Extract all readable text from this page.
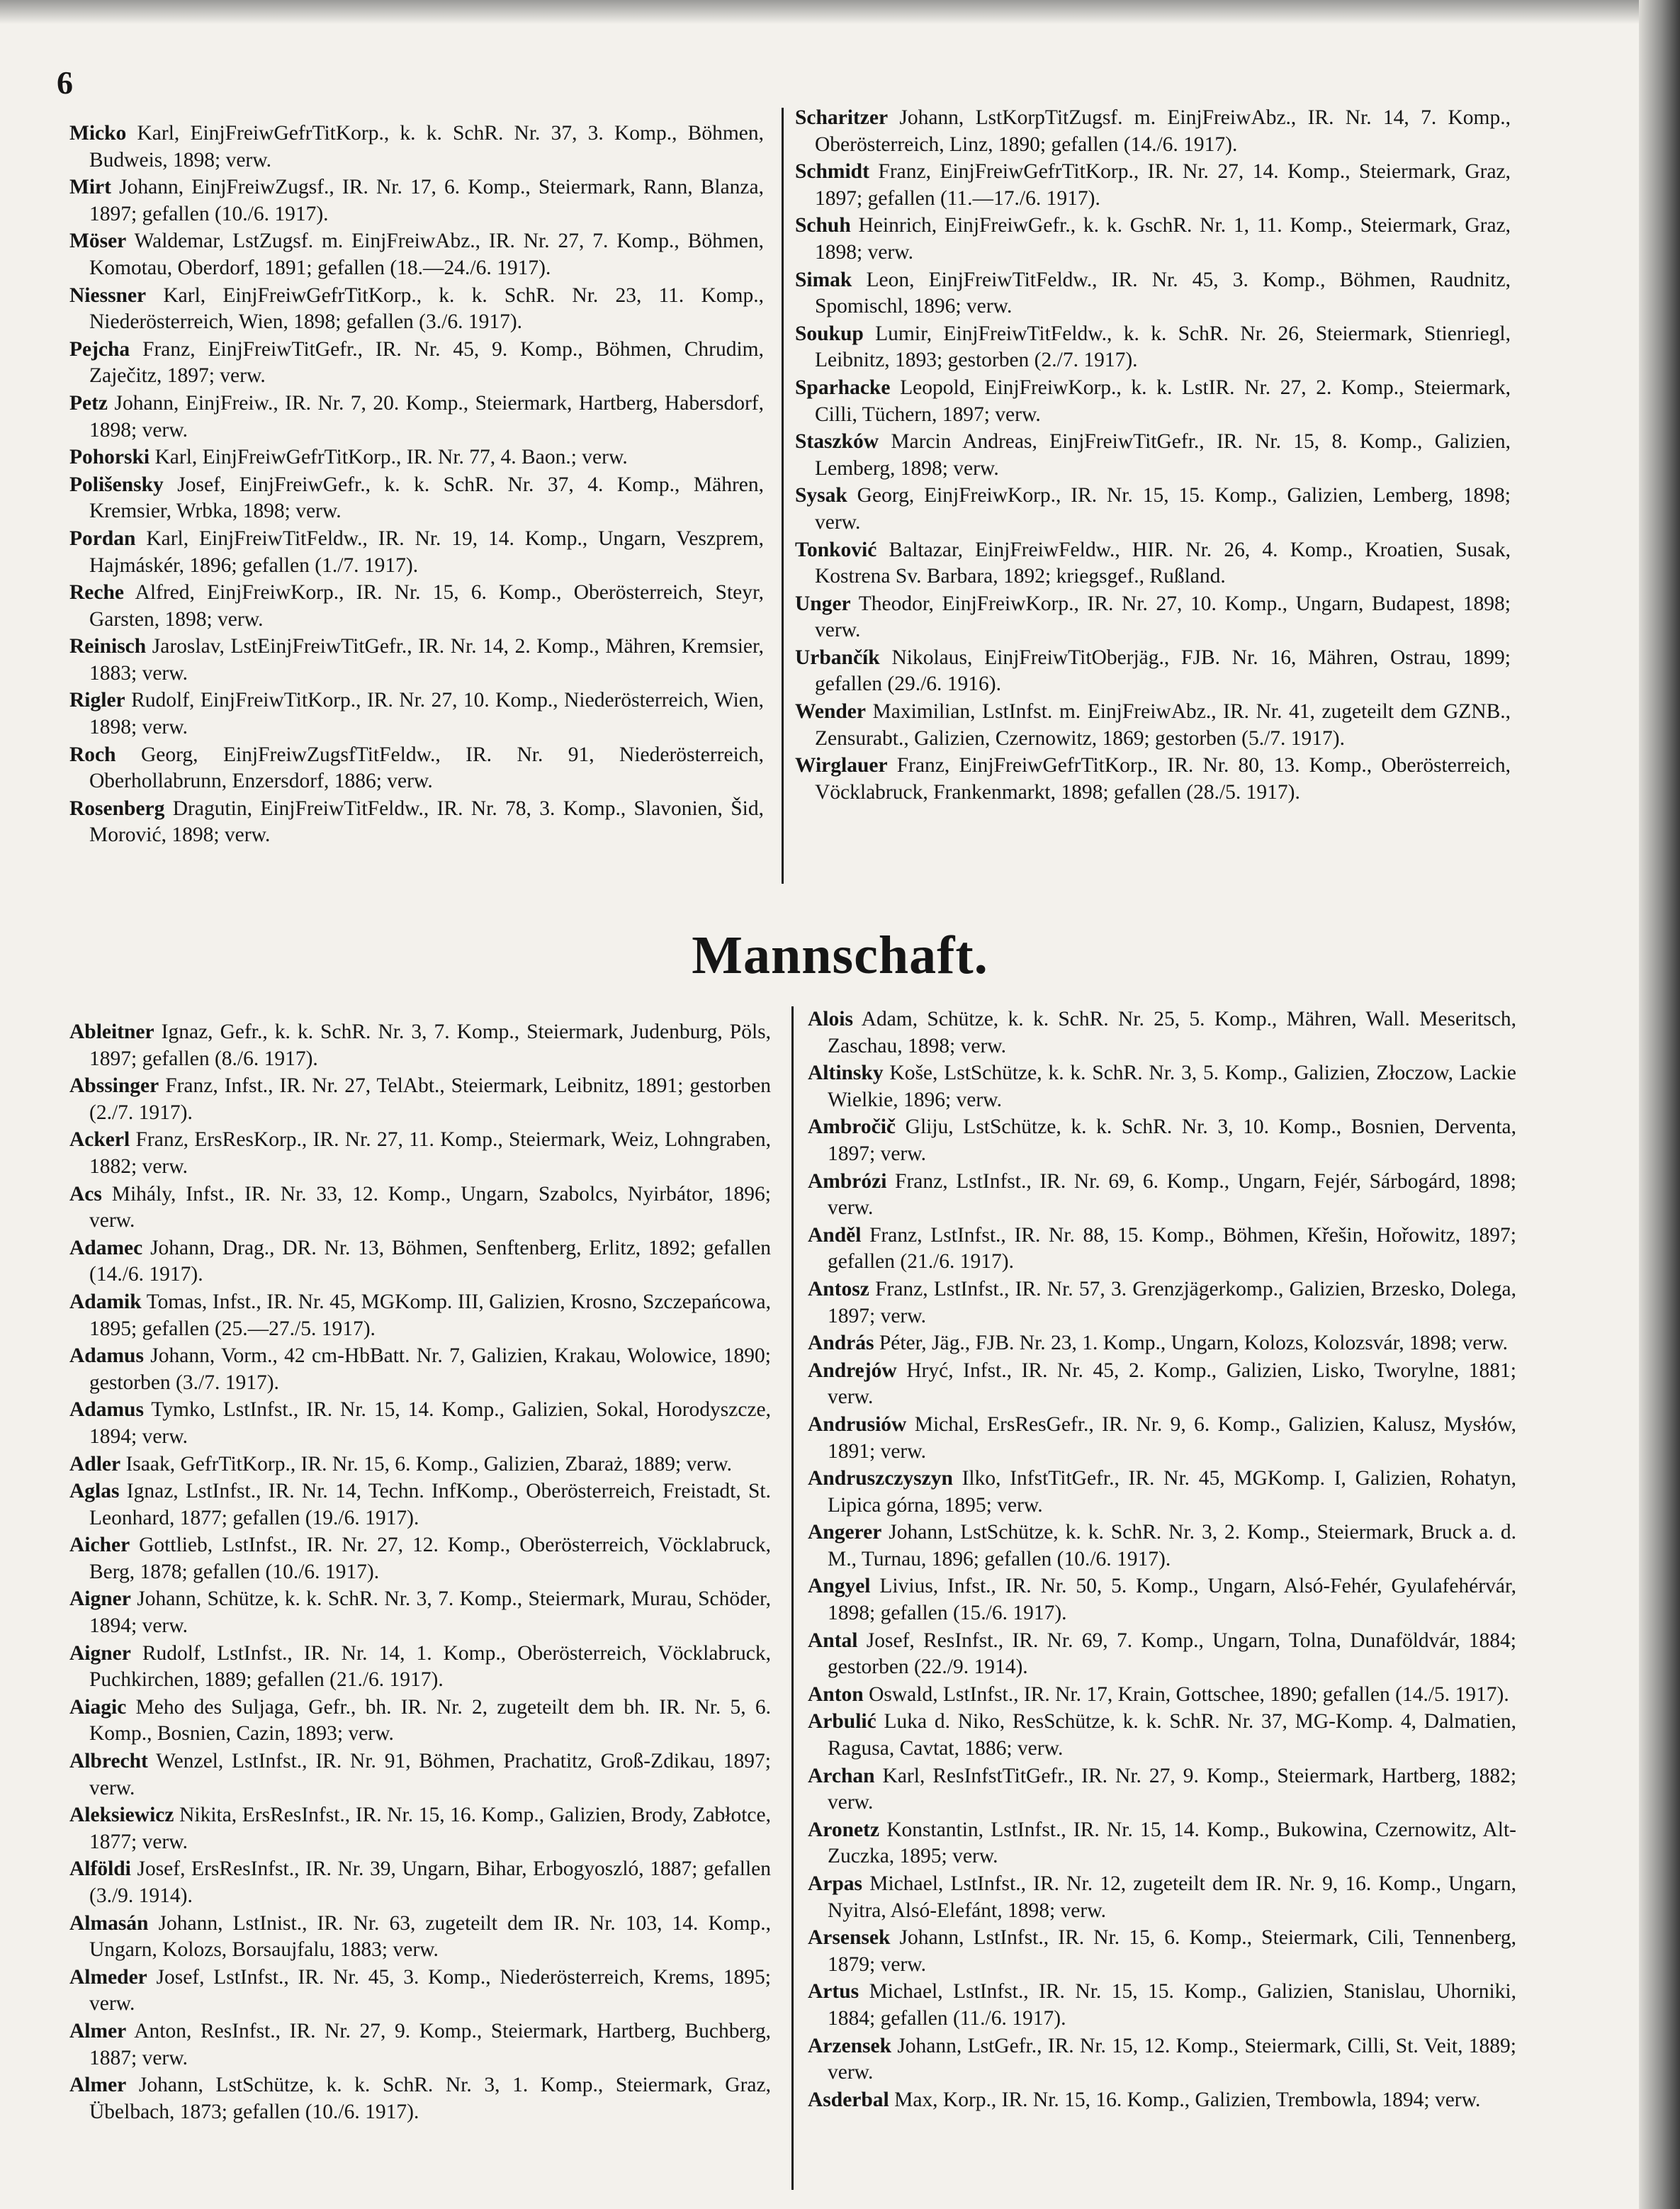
6

Micko Karl, EinjFreiwGefrTitKorp., k. k. SchR. Nr. 37, 3. Komp., Böhmen, Budweis, 1898; verw.

Mirt Johann, EinjFreiwZugsf., IR. Nr. 17, 6. Komp., Steiermark, Rann, Blanza, 1897; gefallen (10./6. 1917).

Möser Waldemar, LstZugsf. m. EinjFreiwAbz., IR. Nr. 27, 7. Komp., Böhmen, Komotau, Oberdorf, 1891; gefallen (18.—24./6. 1917).

Niessner Karl, EinjFreiwGefrTitKorp., k. k. SchR. Nr. 23, 11. Komp., Niederösterreich, Wien, 1898; gefallen (3./6. 1917).

Pejcha Franz, EinjFreiwTitGefr., IR. Nr. 45, 9. Komp., Böhmen, Chrudim, Zaječitz, 1897; verw.

Petz Johann, EinjFreiw., IR. Nr. 7, 20. Komp., Steiermark, Hartberg, Habersdorf, 1898; verw.

Pohorski Karl, EinjFreiwGefrTitKorp., IR. Nr. 77, 4. Baon.; verw.

Polišensky Josef, EinjFreiwGefr., k. k. SchR. Nr. 37, 4. Komp., Mähren, Kremsier, Wrbka, 1898; verw.

Pordan Karl, EinjFreiwTitFeldw., IR. Nr. 19, 14. Komp., Ungarn, Veszprem, Hajmáskér, 1896; gefallen (1./7. 1917).

Reche Alfred, EinjFreiwKorp., IR. Nr. 15, 6. Komp., Oberösterreich, Steyr, Garsten, 1898; verw.

Reinisch Jaroslav, LstEinjFreiwTitGefr., IR. Nr. 14, 2. Komp., Mähren, Kremsier, 1883; verw.

Rigler Rudolf, EinjFreiwTitKorp., IR. Nr. 27, 10. Komp., Niederösterreich, Wien, 1898; verw.

Roch Georg, EinjFreiwZugsfTitFeldw., IR. Nr. 91, Niederösterreich, Oberhollabrunn, Enzersdorf, 1886; verw.

Rosenberg Dragutin, EinjFreiwTitFeldw., IR. Nr. 78, 3. Komp., Slavonien, Šid, Morović, 1898; verw.

Scharitzer Johann, LstKorpTitZugsf. m. EinjFreiwAbz., IR. Nr. 14, 7. Komp., Oberösterreich, Linz, 1890; gefallen (14./6. 1917).

Schmidt Franz, EinjFreiwGefrTitKorp., IR. Nr. 27, 14. Komp., Steiermark, Graz, 1897; gefallen (11.—17./6. 1917).

Schuh Heinrich, EinjFreiwGefr., k. k. GschR. Nr. 1, 11. Komp., Steiermark, Graz, 1898; verw.

Simak Leon, EinjFreiwTitFeldw., IR. Nr. 45, 3. Komp., Böhmen, Raudnitz, Spomischl, 1896; verw.

Soukup Lumir, EinjFreiwTitFeldw., k. k. SchR. Nr. 26, Steiermark, Stienriegl, Leibnitz, 1893; gestorben (2./7. 1917).

Sparhacke Leopold, EinjFreiwKorp., k. k. LstIR. Nr. 27, 2. Komp., Steiermark, Cilli, Tüchern, 1897; verw.

Staszków Marcin Andreas, EinjFreiwTitGefr., IR. Nr. 15, 8. Komp., Galizien, Lemberg, 1898; verw.

Sysak Georg, EinjFreiwKorp., IR. Nr. 15, 15. Komp., Galizien, Lemberg, 1898; verw.

Tonković Baltazar, EinjFreiwFeldw., HIR. Nr. 26, 4. Komp., Kroatien, Susak, Kostrena Sv. Barbara, 1892; kriegsgef., Rußland.

Unger Theodor, EinjFreiwKorp., IR. Nr. 27, 10. Komp., Ungarn, Budapest, 1898; verw.

Urbančík Nikolaus, EinjFreiwTitOberjäg., FJB. Nr. 16, Mähren, Ostrau, 1899; gefallen (29./6. 1916).

Wender Maximilian, LstInfst. m. EinjFreiwAbz., IR. Nr. 41, zugeteilt dem GZNB., Zensurabt., Galizien, Czernowitz, 1869; gestorben (5./7. 1917).

Wirglauer Franz, EinjFreiwGefrTitKorp., IR. Nr. 80, 13. Komp., Oberösterreich, Vöcklabruck, Frankenmarkt, 1898; gefallen (28./5. 1917).

Mannschaft.

Ableitner Ignaz, Gefr., k. k. SchR. Nr. 3, 7. Komp., Steiermark, Judenburg, Pöls, 1897; gefallen (8./6. 1917).

Abssinger Franz, Infst., IR. Nr. 27, TelAbt., Steiermark, Leibnitz, 1891; gestorben (2./7. 1917).

Ackerl Franz, ErsResKorp., IR. Nr. 27, 11. Komp., Steiermark, Weiz, Lohngraben, 1882; verw.

Acs Mihály, Infst., IR. Nr. 33, 12. Komp., Ungarn, Szabolcs, Nyirbátor, 1896; verw.

Adamec Johann, Drag., DR. Nr. 13, Böhmen, Senftenberg, Erlitz, 1892; gefallen (14./6. 1917).

Adamik Tomas, Infst., IR. Nr. 45, MGKomp. III, Galizien, Krosno, Szczepańcowa, 1895; gefallen (25.—27./5. 1917).

Adamus Johann, Vorm., 42 cm-HbBatt. Nr. 7, Galizien, Krakau, Wolowice, 1890; gestorben (3./7. 1917).

Adamus Tymko, LstInfst., IR. Nr. 15, 14. Komp., Galizien, Sokal, Horodyszcze, 1894; verw.

Adler Isaak, GefrTitKorp., IR. Nr. 15, 6. Komp., Galizien, Zbaraż, 1889; verw.

Aglas Ignaz, LstInfst., IR. Nr. 14, Techn. InfKomp., Oberösterreich, Freistadt, St. Leonhard, 1877; gefallen (19./6. 1917).

Aicher Gottlieb, LstInfst., IR. Nr. 27, 12. Komp., Oberösterreich, Vöcklabruck, Berg, 1878; gefallen (10./6. 1917).

Aigner Johann, Schütze, k. k. SchR. Nr. 3, 7. Komp., Steiermark, Murau, Schöder, 1894; verw.

Aigner Rudolf, LstInfst., IR. Nr. 14, 1. Komp., Oberösterreich, Vöcklabruck, Puchkirchen, 1889; gefallen (21./6. 1917).

Aiagic Meho des Suljaga, Gefr., bh. IR. Nr. 2, zugeteilt dem bh. IR. Nr. 5, 6. Komp., Bosnien, Cazin, 1893; verw.

Albrecht Wenzel, LstInfst., IR. Nr. 91, Böhmen, Prachatitz, Groß-Zdikau, 1897; verw.

Aleksiewicz Nikita, ErsResInfst., IR. Nr. 15, 16. Komp., Galizien, Brody, Zabłotce, 1877; verw.

Alföldi Josef, ErsResInfst., IR. Nr. 39, Ungarn, Bihar, Erbogyoszló, 1887; gefallen (3./9. 1914).

Almasán Johann, LstInist., IR. Nr. 63, zugeteilt dem IR. Nr. 103, 14. Komp., Ungarn, Kolozs, Borsaujfalu, 1883; verw.

Almeder Josef, LstInfst., IR. Nr. 45, 3. Komp., Niederösterreich, Krems, 1895; verw.

Almer Anton, ResInfst., IR. Nr. 27, 9. Komp., Steiermark, Hartberg, Buchberg, 1887; verw.

Almer Johann, LstSchütze, k. k. SchR. Nr. 3, 1. Komp., Steiermark, Graz, Übelbach, 1873; gefallen (10./6. 1917).

Alois Adam, Schütze, k. k. SchR. Nr. 25, 5. Komp., Mähren, Wall. Meseritsch, Zaschau, 1898; verw.

Altinsky Koše, LstSchütze, k. k. SchR. Nr. 3, 5. Komp., Galizien, Złoczow, Lackie Wielkie, 1896; verw.

Ambročič Gliju, LstSchütze, k. k. SchR. Nr. 3, 10. Komp., Bosnien, Derventa, 1897; verw.

Ambrózi Franz, LstInfst., IR. Nr. 69, 6. Komp., Ungarn, Fejér, Sárbogárd, 1898; verw.

Anděl Franz, LstInfst., IR. Nr. 88, 15. Komp., Böhmen, Křešin, Hořowitz, 1897; gefallen (21./6. 1917).

Antosz Franz, LstInfst., IR. Nr. 57, 3. Grenzjägerkomp., Galizien, Brzesko, Dolega, 1897; verw.

András Péter, Jäg., FJB. Nr. 23, 1. Komp., Ungarn, Kolozs, Kolozsvár, 1898; verw.

Andrejów Hryć, Infst., IR. Nr. 45, 2. Komp., Galizien, Lisko, Tworylne, 1881; verw.

Andrusiów Michal, ErsResGefr., IR. Nr. 9, 6. Komp., Galizien, Kalusz, Mysłów, 1891; verw.

Andruszczyszyn Ilko, InfstTitGefr., IR. Nr. 45, MGKomp. I, Galizien, Rohatyn, Lipica górna, 1895; verw.

Angerer Johann, LstSchütze, k. k. SchR. Nr. 3, 2. Komp., Steiermark, Bruck a. d. M., Turnau, 1896; gefallen (10./6. 1917).

Angyel Livius, Infst., IR. Nr. 50, 5. Komp., Ungarn, Alsó-Fehér, Gyulafehérvár, 1898; gefallen (15./6. 1917).

Antal Josef, ResInfst., IR. Nr. 69, 7. Komp., Ungarn, Tolna, Dunaföldvár, 1884; gestorben (22./9. 1914).

Anton Oswald, LstInfst., IR. Nr. 17, Krain, Gottschee, 1890; gefallen (14./5. 1917).

Arbulić Luka d. Niko, ResSchütze, k. k. SchR. Nr. 37, MG-Komp. 4, Dalmatien, Ragusa, Cavtat, 1886; verw.

Archan Karl, ResInfstTitGefr., IR. Nr. 27, 9. Komp., Steiermark, Hartberg, 1882; verw.

Aronetz Konstantin, LstInfst., IR. Nr. 15, 14. Komp., Bukowina, Czernowitz, Alt-Zuczka, 1895; verw.

Arpas Michael, LstInfst., IR. Nr. 12, zugeteilt dem IR. Nr. 9, 16. Komp., Ungarn, Nyitra, Alsó-Elefánt, 1898; verw.

Arsensek Johann, LstInfst., IR. Nr. 15, 6. Komp., Steiermark, Cili, Tennenberg, 1879; verw.

Artus Michael, LstInfst., IR. Nr. 15, 15. Komp., Galizien, Stanislau, Uhorniki, 1884; gefallen (11./6. 1917).

Arzensek Johann, LstGefr., IR. Nr. 15, 12. Komp., Steiermark, Cilli, St. Veit, 1889; verw.

Asderbal Max, Korp., IR. Nr. 15, 16. Komp., Galizien, Trembowla, 1894; verw.
